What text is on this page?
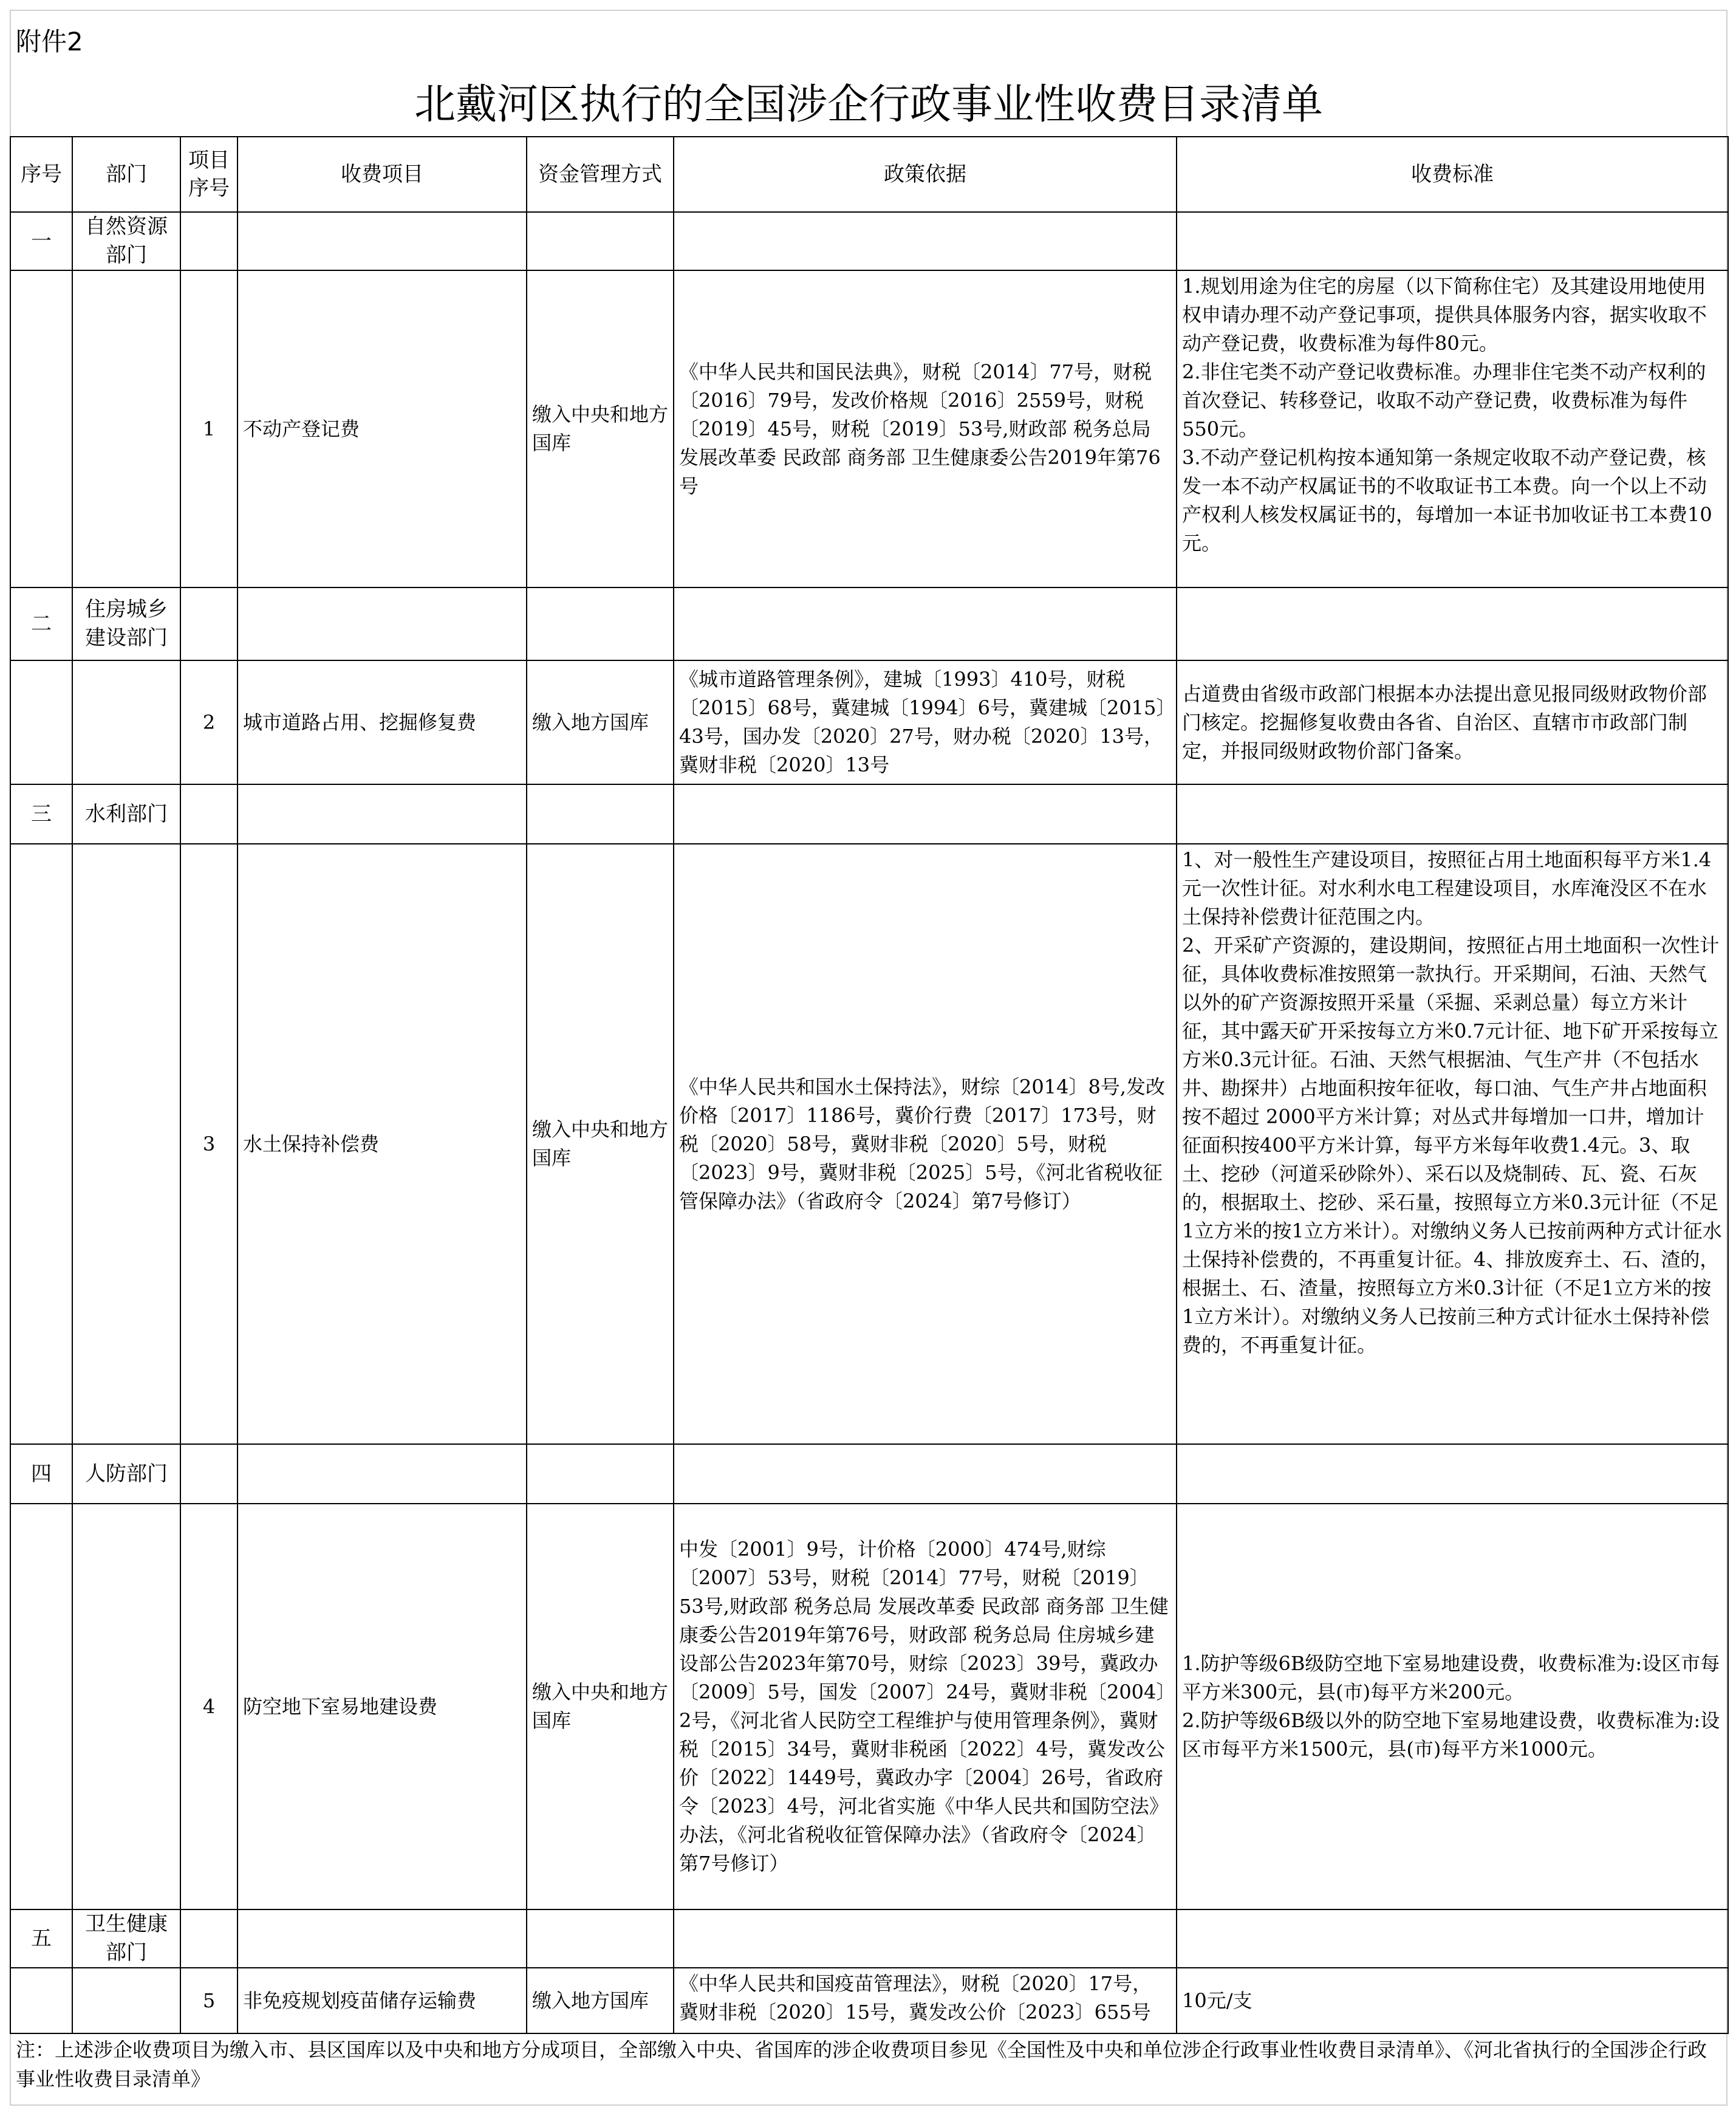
附件2
北戴河区执行的全国涉企行政事业性收费目录清单
序号	部门	项目序号	收费项目	资金管理方式	政策依据	收费标准
一	自然资源部门					
		1	不动产登记费	缴入中央和地方国库	《中华人民共和国民法典》，财税〔2014〕77号，财税〔2016〕79号，发改价格规〔2016〕2559号，财税〔2019〕45号，财税〔2019〕53号,财政部 税务总局 发展改革委 民政部 商务部 卫生健康委公告2019年第76号	1.规划用途为住宅的房屋（以下简称住宅）及其建设用地使用权申请办理不动产登记事项，提供具体服务内容，据实收取不动产登记费，收费标准为每件80元。
2.非住宅类不动产登记收费标准。办理非住宅类不动产权利的首次登记、转移登记，收取不动产登记费，收费标准为每件550元。
3.不动产登记机构按本通知第一条规定收取不动产登记费，核发一本不动产权属证书的不收取证书工本费。向一个以上不动产权利人核发权属证书的，每增加一本证书加收证书工本费10元。

二	住房城乡建设部门					
		2	城市道路占用、挖掘修复费	缴入地方国库	《城市道路管理条例》，建城〔1993〕410号，财税〔2015〕68号，冀建城〔1994〕6号，冀建城〔2015〕43号，国办发〔2020〕27号，财办税〔2020〕13号，冀财非税〔2020〕13号	占道费由省级市政部门根据本办法提出意见报同级财政物价部门核定。挖掘修复收费由各省、自治区、直辖市市政部门制定，并报同级财政物价部门备案。
三	水利部门					
		3	水土保持补偿费	缴入中央和地方国库	《中华人民共和国水土保持法》，财综〔2014〕8号,发改价格〔2017〕1186号，冀价行费〔2017〕173号，财税〔2020〕58号，冀财非税〔2020〕5号，财税〔2023〕9号，冀财非税〔2025〕5号，《河北省税收征管保障办法》（省政府令〔2024〕第7号修订）	1、对一般性生产建设项目，按照征占用土地面积每平方米1.4元一次性计征。对水利水电工程建设项目，水库淹没区不在水土保持补偿费计征范围之内。
2、开采矿产资源的，建设期间，按照征占用土地面积一次性计征，具体收费标准按照第一款执行。开采期间，石油、天然气以外的矿产资源按照开采量（采掘、采剥总量）每立方米计征，其中露天矿开采按每立方米0.7元计征、地下矿开采按每立方米0.3元计征。石油、天然气根据油、气生产井（不包括水井、勘探井）占地面积按年征收，每口油、气生产井占地面积按不超过 2000平方米计算；对丛式井每增加一口井，增加计征面积按400平方米计算，每平方米每年收费1.4元。3、取土、挖砂（河道采砂除外）、采石以及烧制砖、瓦、瓷、石灰的，根据取土、挖砂、采石量，按照每立方米0.3元计征（不足1立方米的按1立方米计）。对缴纳义务人已按前两种方式计征水土保持补偿费的，不再重复计征。4、排放废弃土、石、渣的，根据土、石、渣量，按照每立方米0.3计征（不足1立方米的按1立方米计）。对缴纳义务人已按前三种方式计征水土保持补偿费的，不再重复计征。

四	人防部门					
		4	防空地下室易地建设费	缴入中央和地方国库	中发〔2001〕9号，计价格〔2000〕474号,财综〔2007〕53号，财税〔2014〕77号，财税〔2019〕53号,财政部 税务总局 发展改革委 民政部 商务部 卫生健康委公告2019年第76号，财政部 税务总局 住房城乡建设部公告2023年第70号，财综〔2023〕39号，冀政办〔2009〕5号，国发〔2007〕24号，冀财非税〔2004〕2号，《河北省人民防空工程维护与使用管理条例》，冀财税〔2015〕34号，冀财非税函〔2022〕4号，冀发改公价〔2022〕1449号，冀政办字〔2004〕26号，省政府令〔2023〕4号，河北省实施《中华人民共和国防空法》办法，《河北省税收征管保障办法》（省政府令〔2024〕第7号修订）	1.防护等级6B级防空地下室易地建设费，收费标准为:设区市每平方米300元，县(市)每平方米200元。
2.防护等级6B级以外的防空地下室易地建设费，收费标准为:设区市每平方米1500元，县(市)每平方米1000元。
五	卫生健康部门					
		5	非免疫规划疫苗储存运输费	缴入地方国库	《中华人民共和国疫苗管理法》，财税〔2020〕17号，冀财非税〔2020〕15号，冀发改公价〔2023〕655号	10元/支
注：上述涉企收费项目为缴入市、县区国库以及中央和地方分成项目，全部缴入中央、省国库的涉企收费项目参见《全国性及中央和单位涉企行政事业性收费目录清单》、《河北省执行的全国涉企行政事业性收费目录清单》
